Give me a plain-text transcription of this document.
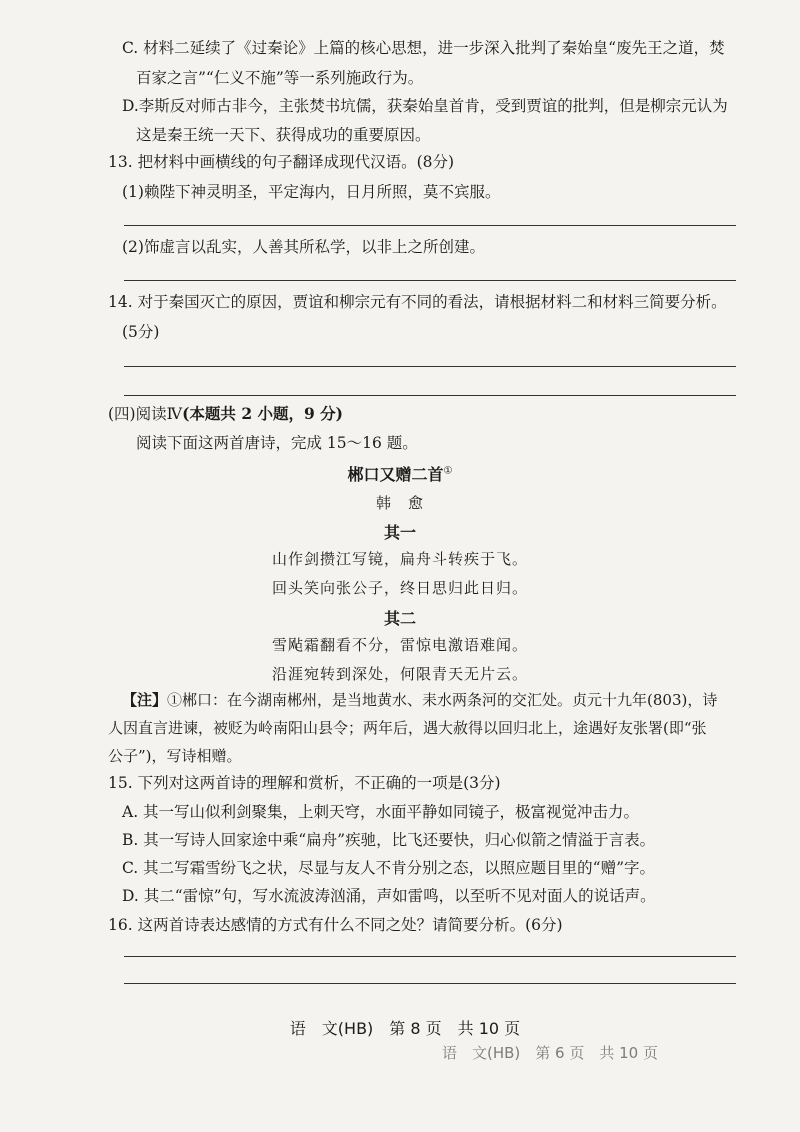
C. 材料二延续了《过秦论》上篇的核心思想，进一步深入批判了秦始皇“废先王之道，焚
百家之言”“仁义不施”等一系列施政行为。
D.李斯反对师古非今，主张焚书坑儒，获秦始皇首肯，受到贾谊的批判，但是柳宗元认为
这是秦王统一天下、获得成功的重要原因。
13. 把材料中画横线的句子翻译成现代汉语。(8分)
(1)赖陛下神灵明圣，平定海内，日月所照，莫不宾服。
(2)饰虚言以乱实，人善其所私学，以非上之所创建。
14. 对于秦国灭亡的原因，贾谊和柳宗元有不同的看法，请根据材料二和材料三简要分析。
(5分)
(四)阅读Ⅳ(本题共 2 小题，9 分)
阅读下面这两首唐诗，完成 15～16 题。
郴口又赠二首①
韩　愈
其一
山作剑攒江写镜，扁舟斗转疾于飞。
回头笑向张公子，终日思归此日归。
其二
雪飐霜翻看不分，雷惊电激语难闻。
沿涯宛转到深处，何限青天无片云。
【注】①郴口：在今湖南郴州，是当地黄水、耒水两条河的交汇处。贞元十九年(803)，诗
人因直言进谏，被贬为岭南阳山县令；两年后，遇大赦得以回归北上，途遇好友张署(即“张
公子”)，写诗相赠。
15. 下列对这两首诗的理解和赏析，不正确的一项是(3分)
A. 其一写山似利剑聚集，上刺天穹，水面平静如同镜子，极富视觉冲击力。
B. 其一写诗人回家途中乘“扁舟”疾驰，比飞还要快，归心似箭之情溢于言表。
C. 其二写霜雪纷飞之状，尽显与友人不肯分别之态，以照应题目里的“赠”字。
D. 其二“雷惊”句，写水流波涛汹涌，声如雷鸣，以至听不见对面人的说话声。
16. 这两首诗表达感情的方式有什么不同之处？请简要分析。(6分)
语　文(HB)　第 8 页　共 10 页
语　文(HB)　第 6 页　共 10 页
